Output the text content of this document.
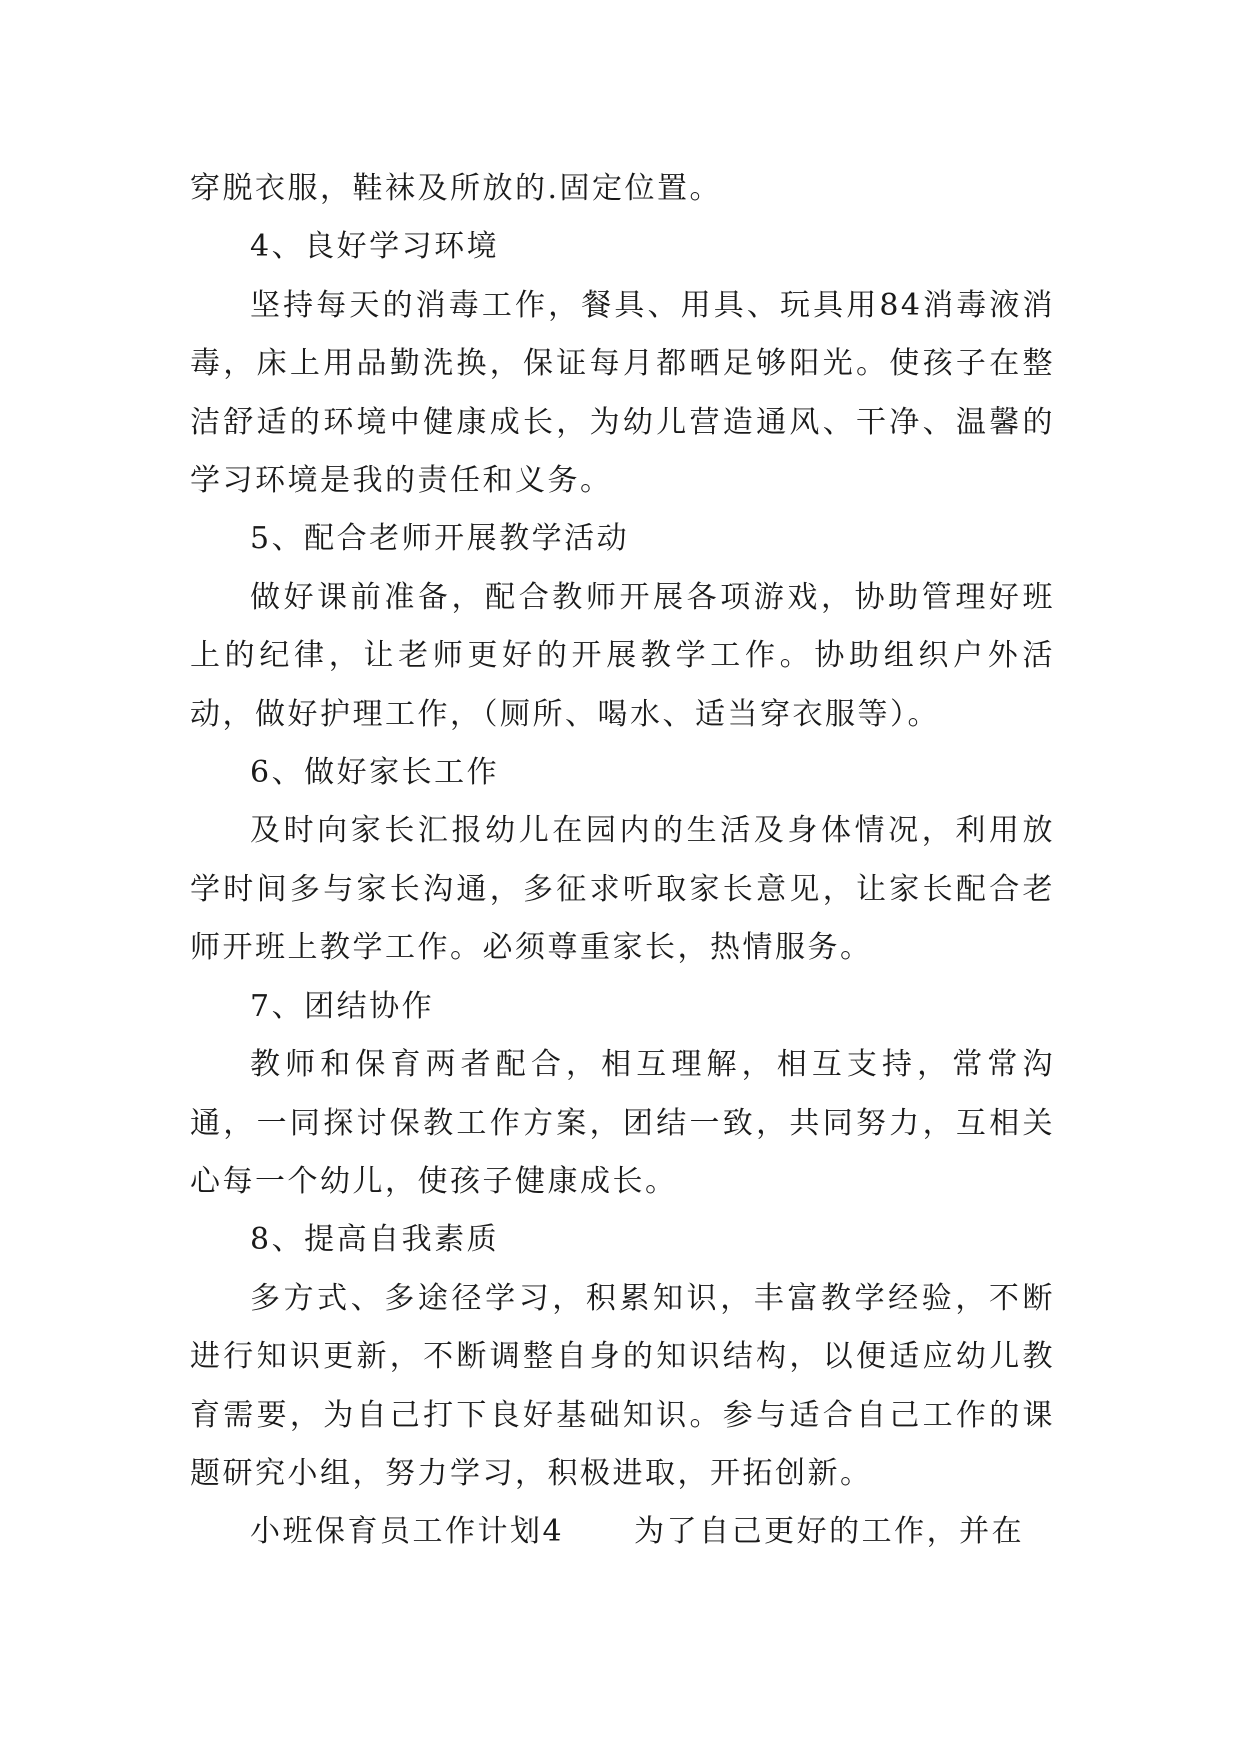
穿脱衣服，鞋袜及所放的.固定位置。

4、良好学习环境

坚持每天的消毒工作，餐具、用具、玩具用84消毒液消毒，床上用品勤洗换，保证每月都晒足够阳光。使孩子在整洁舒适的环境中健康成长，为幼儿营造通风、干净、温馨的学习环境是我的责任和义务。

5、配合老师开展教学活动

做好课前准备，配合教师开展各项游戏，协助管理好班上的纪律，让老师更好的开展教学工作。协助组织户外活动，做好护理工作，（厕所、喝水、适当穿衣服等）。

6、做好家长工作

及时向家长汇报幼儿在园内的生活及身体情况，利用放学时间多与家长沟通，多征求听取家长意见，让家长配合老师开班上教学工作。必须尊重家长，热情服务。

7、团结协作

教师和保育两者配合，相互理解，相互支持，常常沟通，一同探讨保教工作方案，团结一致，共同努力，互相关心每一个幼儿，使孩子健康成长。

8、提高自我素质

多方式、多途径学习，积累知识，丰富教学经验，不断进行知识更新，不断调整自身的知识结构，以便适应幼儿教育需要，为自己打下良好基础知识。参与适合自己工作的课题研究小组，努力学习，积极进取，开拓创新。

小班保育员工作计划4 为了自己更好的工作，并在
